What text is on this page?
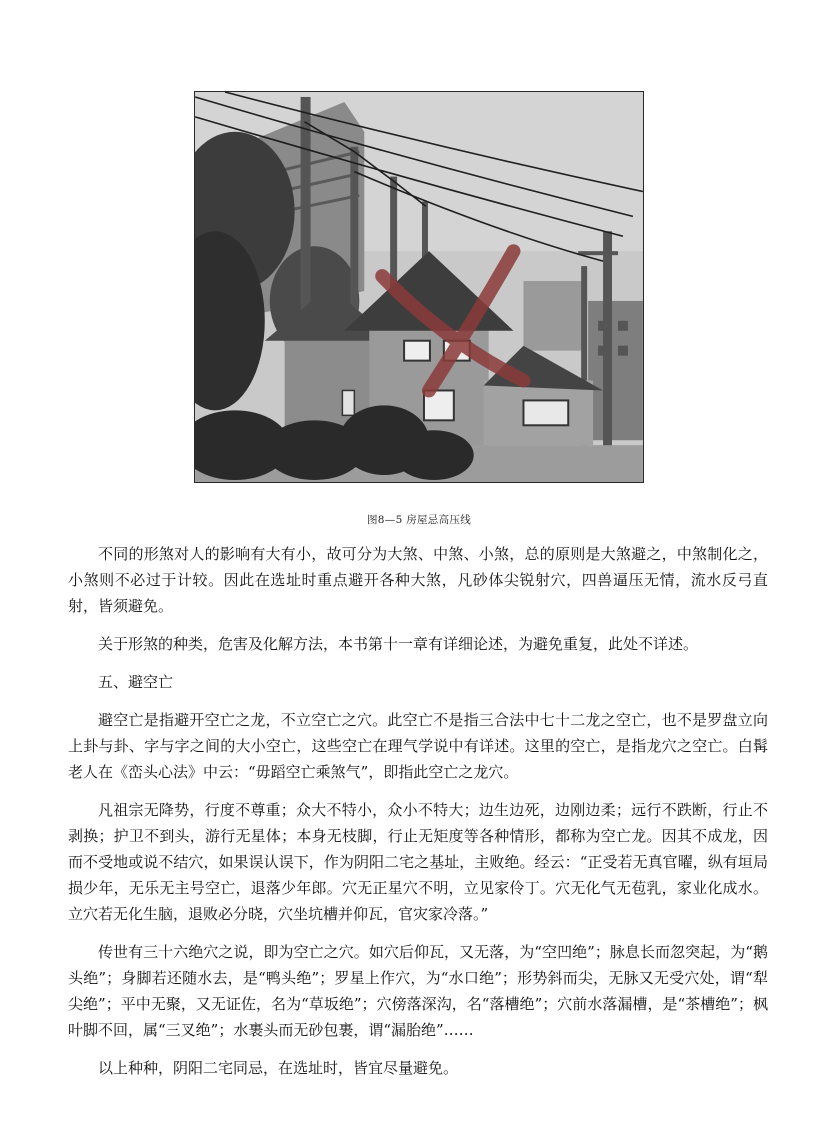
图8—5 房屋忌高压线

不同的形煞对人的影响有大有小，故可分为大煞、中煞、小煞，总的原则是大煞避之，中煞制化之，小煞则不必过于计较。因此在选址时重点避开各种大煞，凡砂体尖锐射穴，四兽逼压无情，流水反弓直射，皆须避免。

关于形煞的种类，危害及化解方法，本书第十一章有详细论述，为避免重复，此处不详述。

五、避空亡

避空亡是指避开空亡之龙，不立空亡之穴。此空亡不是指三合法中七十二龙之空亡，也不是罗盘立向上卦与卦、字与字之间的大小空亡，这些空亡在理气学说中有详述。这里的空亡，是指龙穴之空亡。白髯老人在《峦头心法》中云：“毋蹈空亡乘煞气”，即指此空亡之龙穴。

凡祖宗无降势，行度不尊重；众大不特小，众小不特大；边生边死，边刚边柔；远行不跌断，行止不剥换；护卫不到头，游行无星体；本身无枝脚，行止无矩度等各种情形，都称为空亡龙。因其不成龙，因而不受地或说不结穴，如果误认误下，作为阴阳二宅之基址，主败绝。经云：“正受若无真官曜，纵有垣局损少年，无乐无主号空亡，退落少年郎。穴无正星穴不明，立见家伶丁。穴无化气无苞乳，家业化成水。立穴若无化生脑，退败必分晓，穴坐坑槽并仰瓦，官灾家冷落。”

传世有三十六绝穴之说，即为空亡之穴。如穴后仰瓦，又无落，为“空凹绝”；脉息长而忽突起，为“鹅头绝”；身脚若还随水去，是“鸭头绝”；罗星上作穴，为“水口绝”；形势斜而尖，无脉又无受穴处，谓“犁尖绝”；平中无聚，又无证佐，名为“草坂绝”；穴傍落深沟，名“落槽绝”；穴前水落漏槽，是“茶槽绝”；枫叶脚不回，属“三叉绝”；水裹头而无砂包裹，谓“漏胎绝”……

以上种种，阴阳二宅同忌，在选址时，皆宜尽量避免。
